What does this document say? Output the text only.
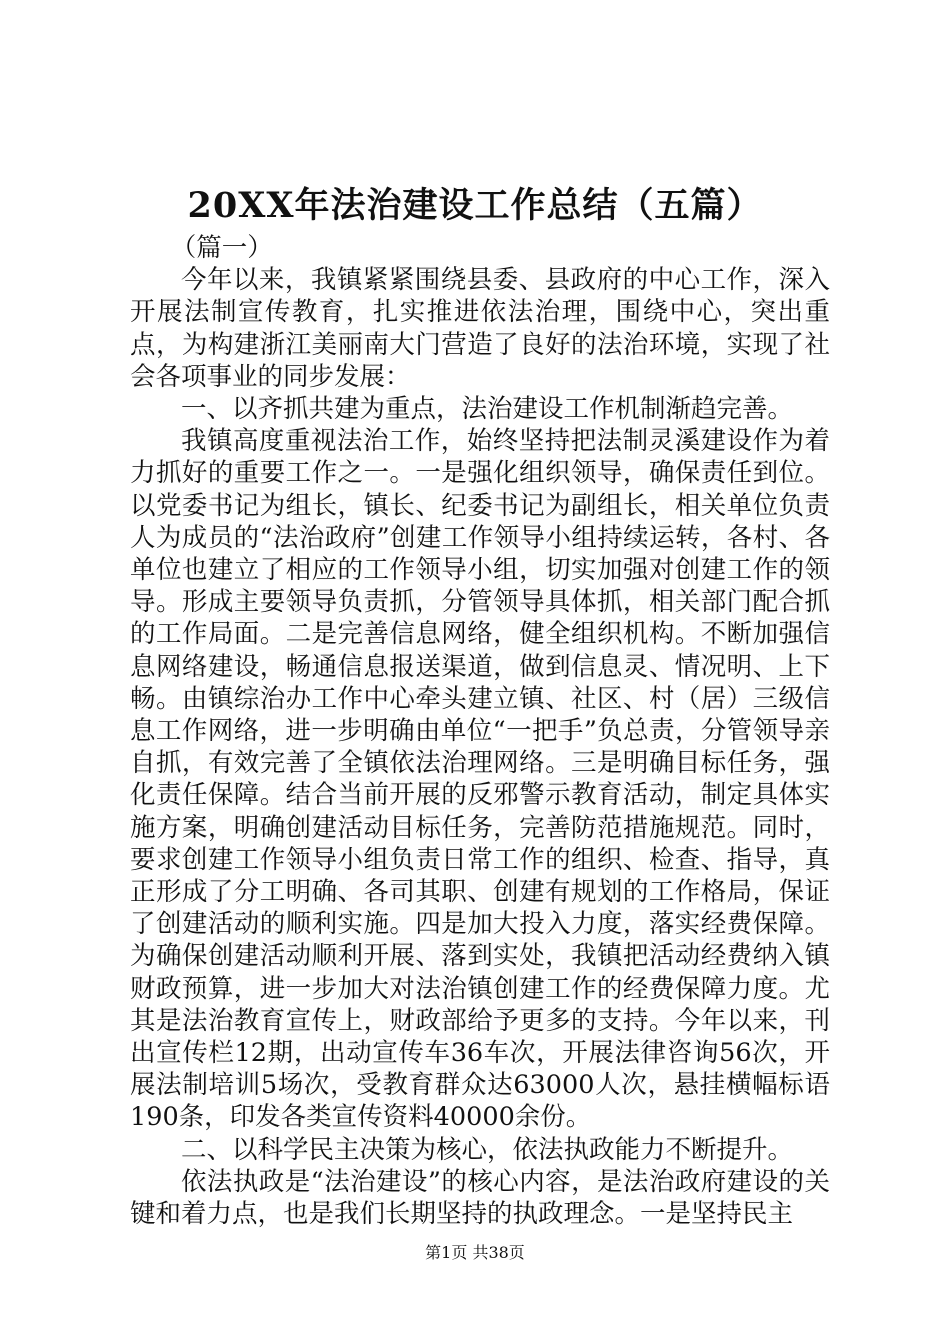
20XX年法治建设工作总结（五篇）

（篇一）

今年以来，我镇紧紧围绕县委、县政府的中心工作，深入开展法制宣传教育，扎实推进依法治理，围绕中心，突出重点，为构建浙江美丽南大门营造了良好的法治环境，实现了社会各项事业的同步发展：

一、以齐抓共建为重点，法治建设工作机制渐趋完善。

我镇高度重视法治工作，始终坚持把法制灵溪建设作为着力抓好的重要工作之一。一是强化组织领导，确保责任到位。以党委书记为组长，镇长、纪委书记为副组长，相关单位负责人为成员的“法治政府”创建工作领导小组持续运转，各村、各单位也建立了相应的工作领导小组，切实加强对创建工作的领导。形成主要领导负责抓，分管领导具体抓，相关部门配合抓的工作局面。二是完善信息网络，健全组织机构。不断加强信息网络建设，畅通信息报送渠道，做到信息灵、情况明、上下畅。由镇综治办工作中心牵头建立镇、社区、村（居）三级信息工作网络，进一步明确由单位“一把手”负总责，分管领导亲自抓，有效完善了全镇依法治理网络。三是明确目标任务，强化责任保障。结合当前开展的反邪警示教育活动，制定具体实施方案，明确创建活动目标任务，完善防范措施规范。同时，要求创建工作领导小组负责日常工作的组织、检查、指导，真正形成了分工明确、各司其职、创建有规划的工作格局，保证了创建活动的顺利实施。四是加大投入力度，落实经费保障。为确保创建活动顺利开展、落到实处，我镇把活动经费纳入镇财政预算，进一步加大对法治镇创建工作的经费保障力度。尤其是法治教育宣传上，财政部给予更多的支持。今年以来，刊出宣传栏12期，出动宣传车36车次，开展法律咨询56次，开展法制培训5场次，受教育群众达63000人次，悬挂横幅标语190条，印发各类宣传资料40000余份。

二、以科学民主决策为核心，依法执政能力不断提升。

依法执政是“法治建设”的核心内容，是法治政府建设的关键和着力点，也是我们长期坚持的执政理念。一是坚持民主

第1页 共38页
